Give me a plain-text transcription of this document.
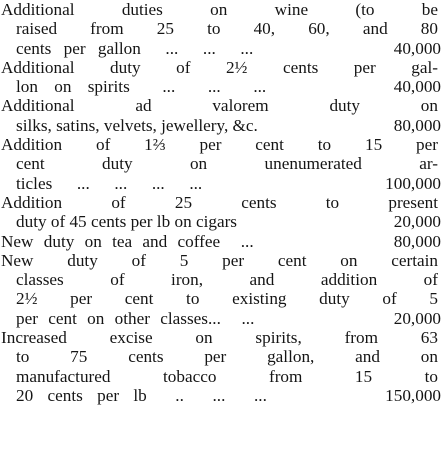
Additional duties on wine (to be
raised from 25 to 40, 60, and 80
cents per gallon  ...  ...  ...	40,000
Additional duty of 2½ cents per gal-
lon on spirits  ...  ...  ...	40,000
Additional ad valorem duty on
silks, satins, velvets, jewellery, &c.	80,000
Addition of 1⅔ per cent to 15 per
cent duty on unenumerated ar-
ticles  ...  ...  ...  ...	100,000
Addition of 25 cents to present
duty of 45 cents per lb on cigars	20,000
New duty on tea and coffee  ...	80,000
New duty of 5 per cent on certain
classes of iron, and addition of
2½ per cent to existing duty of 5
per cent on other classes...  ...	20,000
Increased excise on spirits, from 63
to 75 cents per gallon, and on
manufactured tobacco from 15 to
20 cents per lb  ..  ...  ...	150,000
